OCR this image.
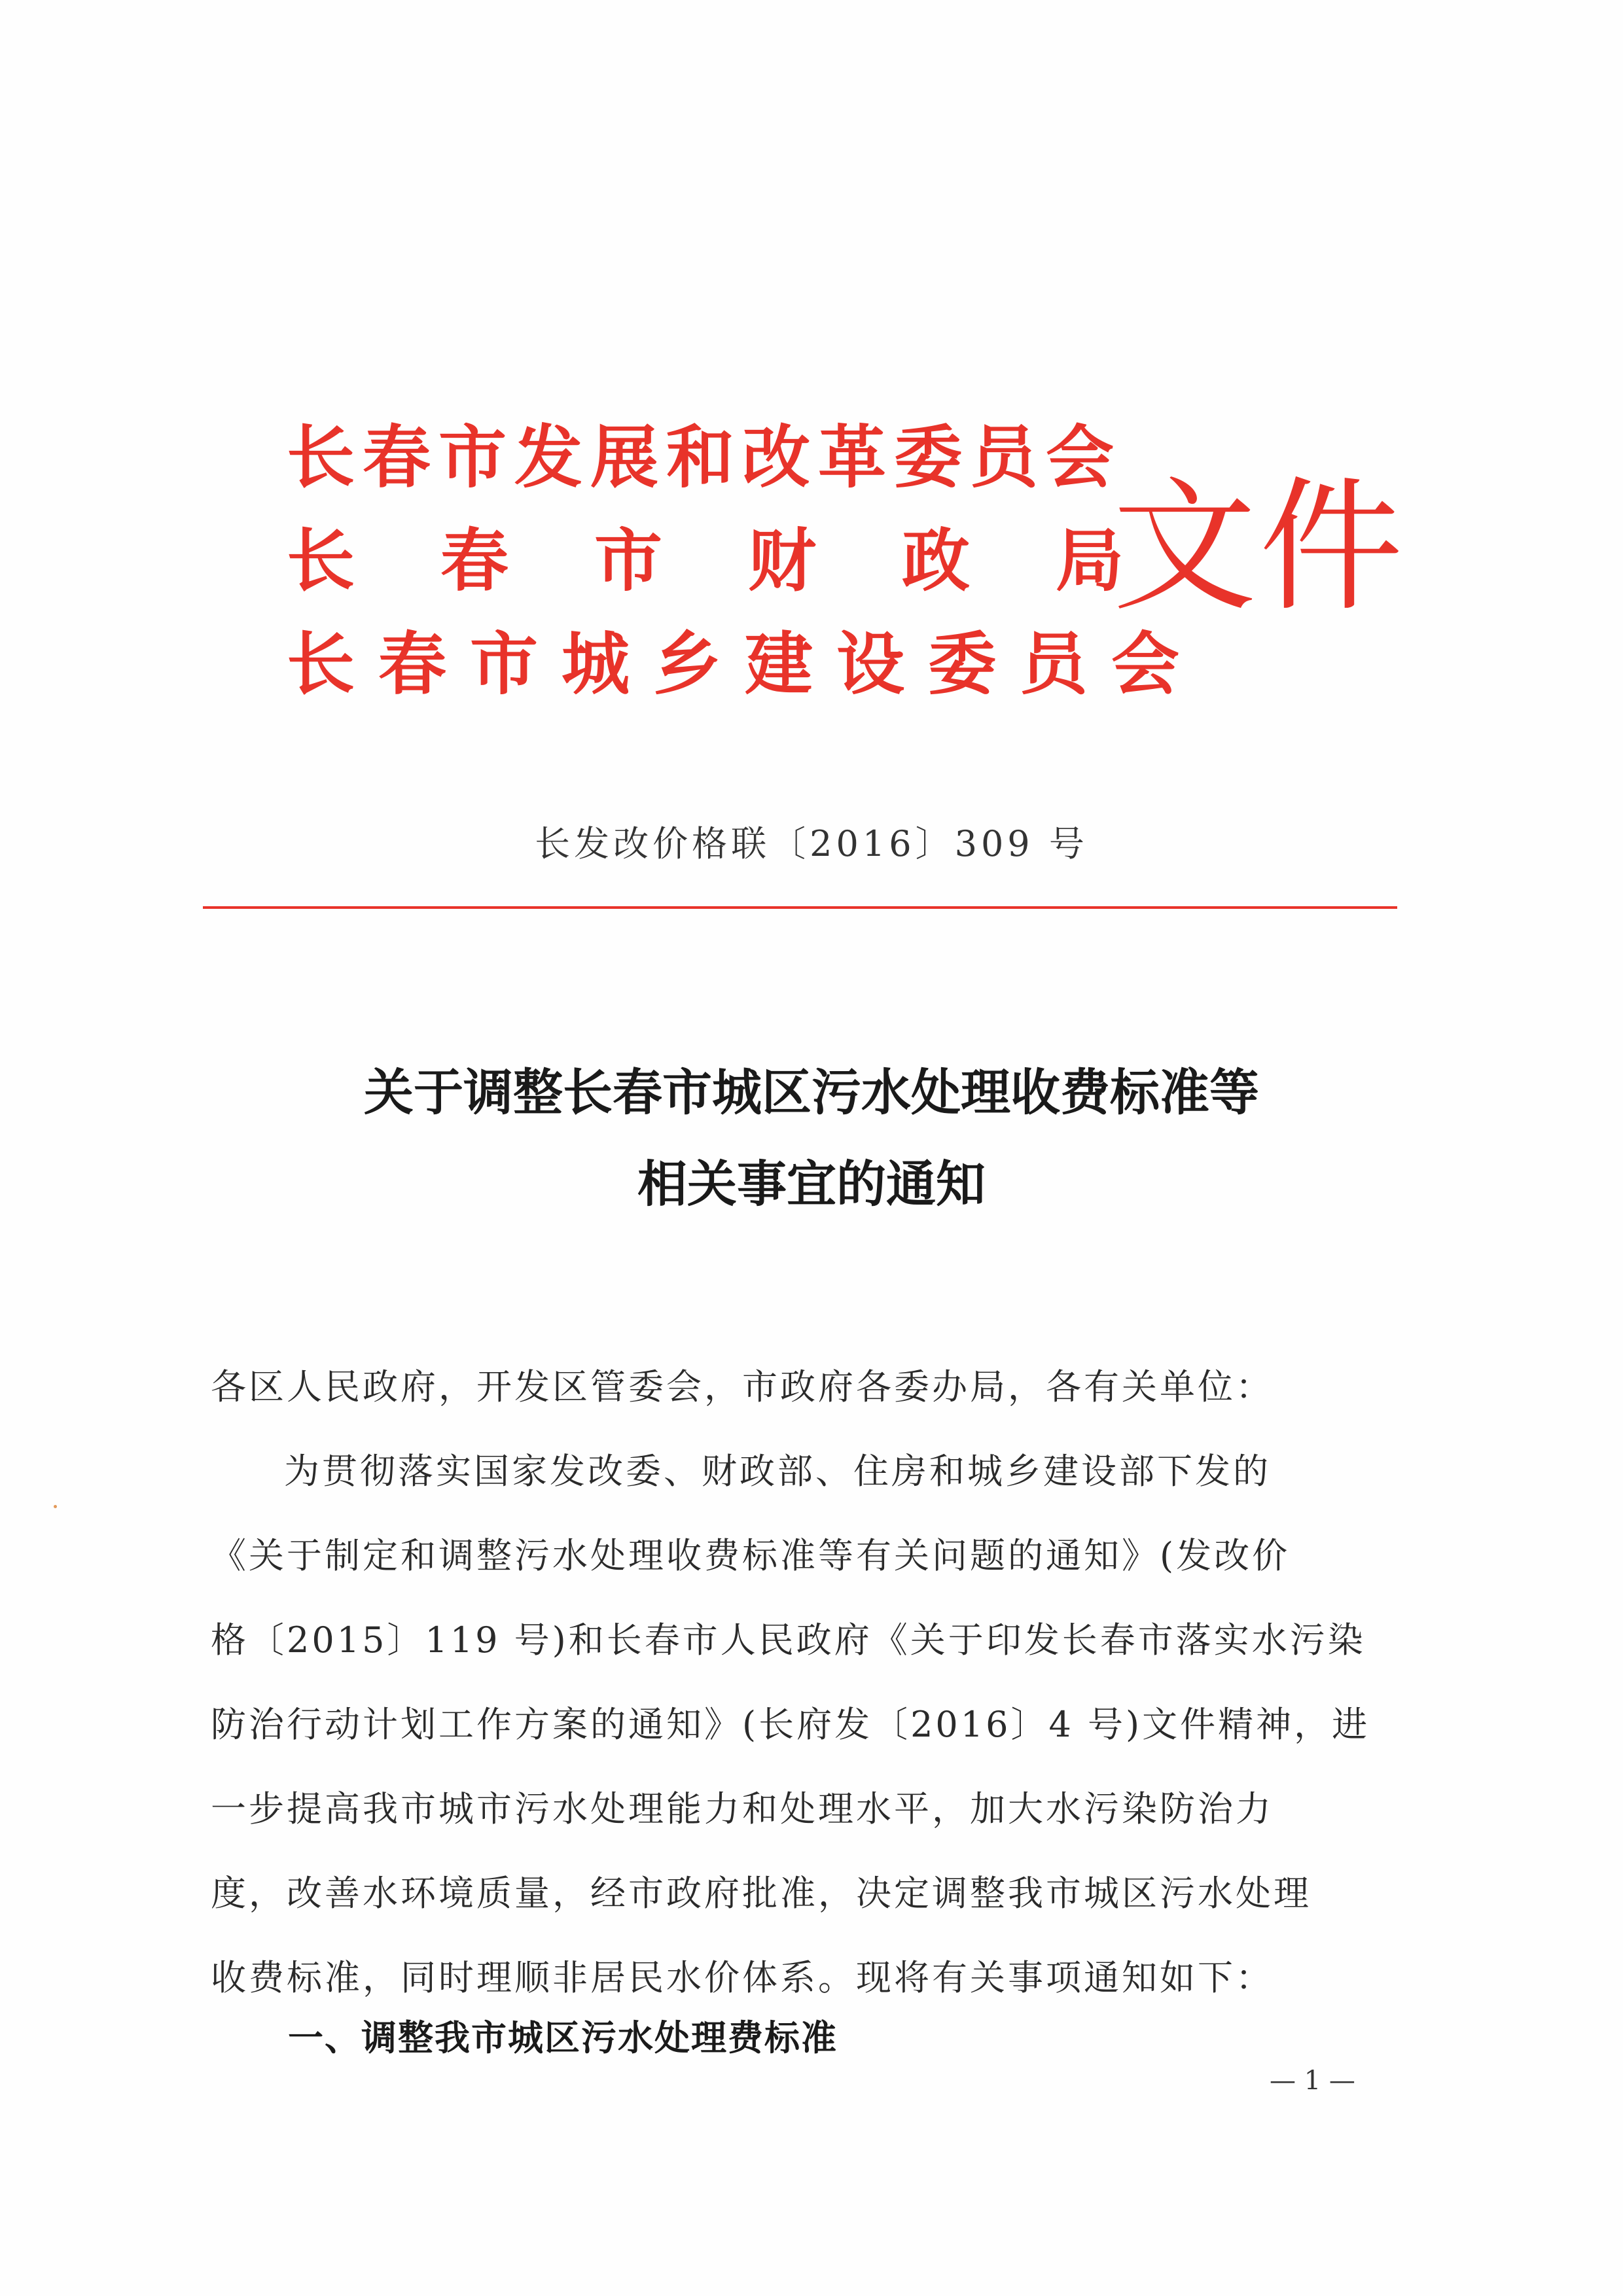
长春市发展和改革委员会
长 春 市 财 政 局
长春市城乡建设委员会
文件
长发改价格联〔2016〕309 号
关于调整长春市城区污水处理收费标准等
相关事宜的通知
各区人民政府，开发区管委会，市政府各委办局，各有关单位：
为贯彻落实国家发改委、财政部、住房和城乡建设部下发的
《关于制定和调整污水处理收费标准等有关问题的通知》(发改价
格〔2015〕119 号)和长春市人民政府《关于印发长春市落实水污染
防治行动计划工作方案的通知》(长府发〔2016〕4 号)文件精神，进
一步提高我市城市污水处理能力和处理水平，加大水污染防治力
度，改善水环境质量，经市政府批准，决定调整我市城区污水处理
收费标准，同时理顺非居民水价体系。现将有关事项通知如下：
一、调整我市城区污水处理费标准
— 1 —
